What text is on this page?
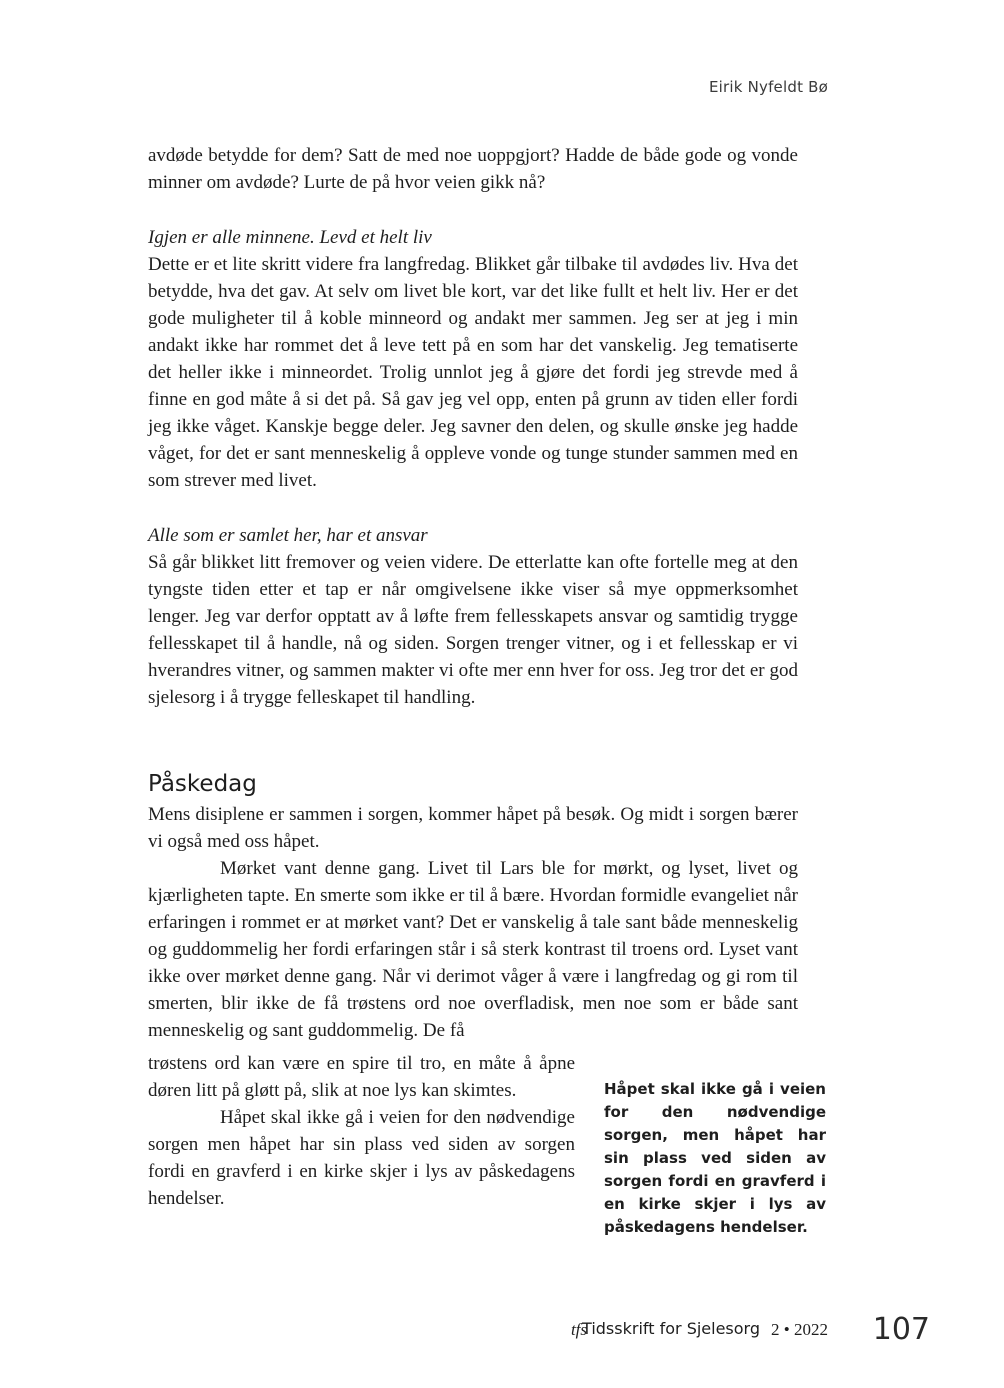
Eirik Nyfeldt Bø

avdøde betydde for dem? Satt de med noe uoppgjort? Hadde de både gode og vonde minner om avdøde? Lurte de på hvor veien gikk nå?

Igjen er alle minnene. Levd et helt liv

Dette er et lite skritt videre fra langfredag. Blikket går tilbake til avdødes liv. Hva det betydde, hva det gav. At selv om livet ble kort, var det like fullt et helt liv. Her er det gode muligheter til å koble minneord og andakt mer sammen. Jeg ser at jeg i min andakt ikke har rommet det å leve tett på en som har det vanskelig. Jeg tematiserte det heller ikke i minneordet. Trolig unnlot jeg å gjøre det fordi jeg strevde med å finne en god måte å si det på. Så gav jeg vel opp, enten på grunn av tiden eller fordi jeg ikke våget. Kanskje begge deler. Jeg savner den delen, og skulle ønske jeg hadde våget, for det er sant menneskelig å oppleve vonde og tunge stunder sammen med en som strever med livet.

Alle som er samlet her, har et ansvar

Så går blikket litt fremover og veien videre. De etterlatte kan ofte fortelle meg at den tyngste tiden etter et tap er når omgivelsene ikke viser så mye oppmerksomhet lenger. Jeg var derfor opptatt av å løfte frem fellesskapets ansvar og samtidig trygge fellesskapet til å handle, nå og siden. Sorgen trenger vitner, og i et fellesskap er vi hverandres vitner, og sammen makter vi ofte mer enn hver for oss. Jeg tror det er god sjelesorg i å trygge felleskapet til handling.

Påskedag

Mens disiplene er sammen i sorgen, kommer håpet på besøk. Og midt i sorgen bærer vi også med oss håpet.

Mørket vant denne gang. Livet til Lars ble for mørkt, og lyset, livet og kjærligheten tapte. En smerte som ikke er til å bære. Hvordan formidle evangeliet når erfaringen i rommet er at mørket vant? Det er vanskelig å tale sant både menneskelig og guddommelig her fordi erfaringen står i så sterk kontrast til troens ord. Lyset vant ikke over mørket denne gang. Når vi derimot våger å være i langfredag og gi rom til smerten, blir ikke de få trøstens ord noe overfladisk, men noe som er både sant menneskelig og sant guddommelig. De få

trøstens ord kan være en spire til tro, en måte å åpne døren litt på gløtt på, slik at noe lys kan skimtes.

Håpet skal ikke gå i veien for den nødvendige sorgen men håpet har sin plass ved siden av sorgen fordi en gravferd i en kirke skjer i lys av påskedagens hendelser.

Håpet skal ikke gå i veien for den nødvendige sorgen, men håpet har sin plass ved siden av sorgen fordi en gravferd i en kirke skjer i lys av påskedagens hendelser.

tfs
Tidsskrift for Sjelesorg 2 • 2022 107
